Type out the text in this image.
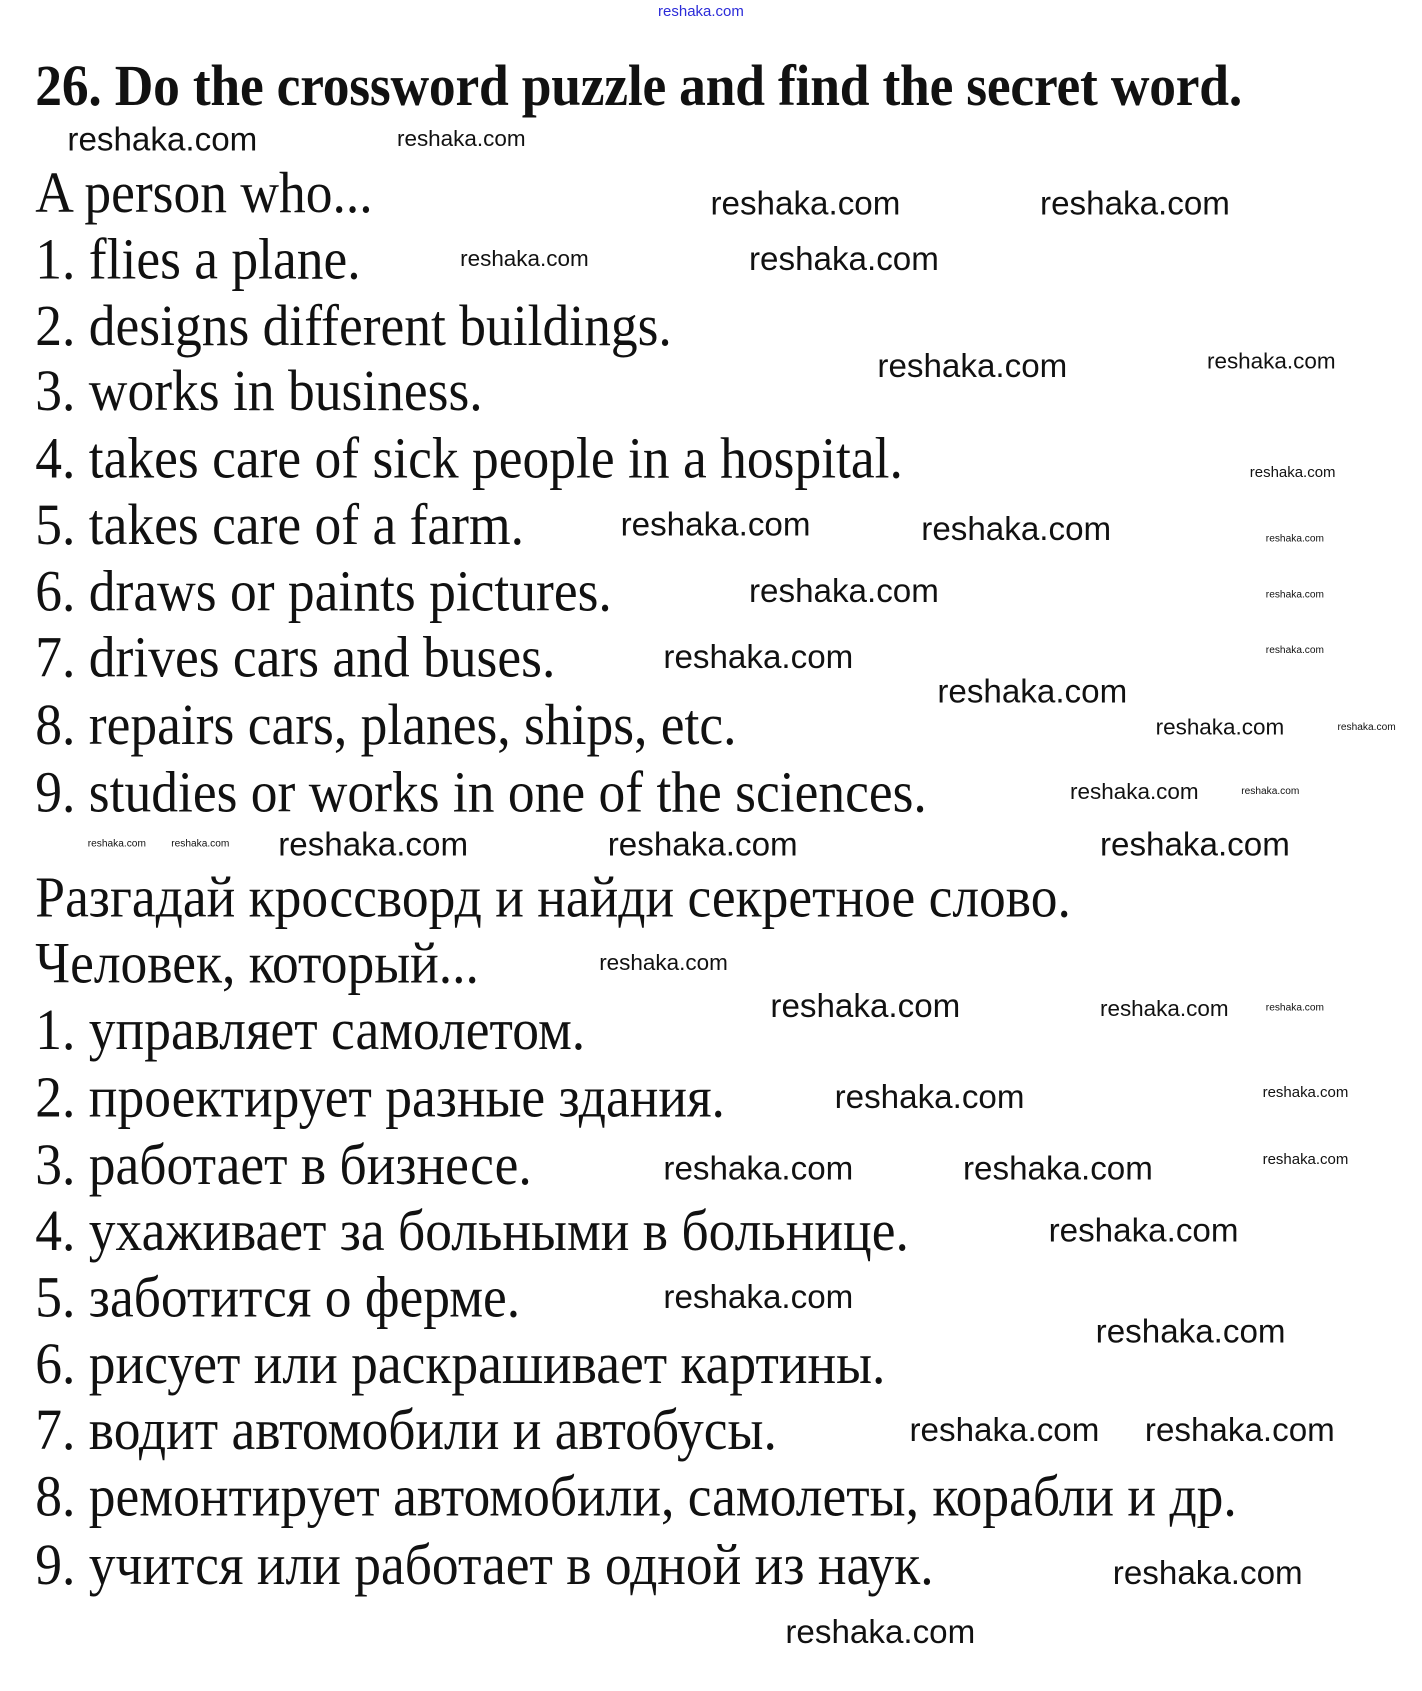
26. Do the crossword puzzle and find the secret word.
A person who...
1. flies a plane.
2. designs different buildings.
3. works in business.
4. takes care of sick people in a hospital.
5. takes care of a farm.
6. draws or paints pictures.
7. drives cars and buses.
8. repairs cars, planes, ships, etc.
9. studies or works in one of the sciences.
Разгадай кроссворд и найди секретное слово.
Человек, который...
1. управляет самолетом.
2. проектирует разные здания.
3. работает в бизнесе.
4. ухаживает за больными в больнице.
5. заботится о ферме.
6. рисует или раскрашивает картины.
7. водит автомобили и автобусы.
8. ремонтирует автомобили, самолеты, корабли и др.
9. учится или работает в одной из наук.
reshaka.com
reshaka.com	reshaka.com
reshaka.com	reshaka.com
reshaka.com	reshaka.com
reshaka.com	reshaka.com
reshaka.com
reshaka.com	reshaka.com	reshaka.com
reshaka.com	reshaka.com
reshaka.com	reshaka.com
reshaka.com
reshaka.com	reshaka.com
reshaka.com	reshaka.com
reshaka.com	reshaka.com reshaka.com	reshaka.com	reshaka.com
reshaka.com
reshaka.com	reshaka.com	reshaka.com
reshaka.com	reshaka.com
reshaka.com	reshaka.com	reshaka.com
reshaka.com
reshaka.com
reshaka.com
reshaka.com reshaka.com
reshaka.com
reshaka.com
